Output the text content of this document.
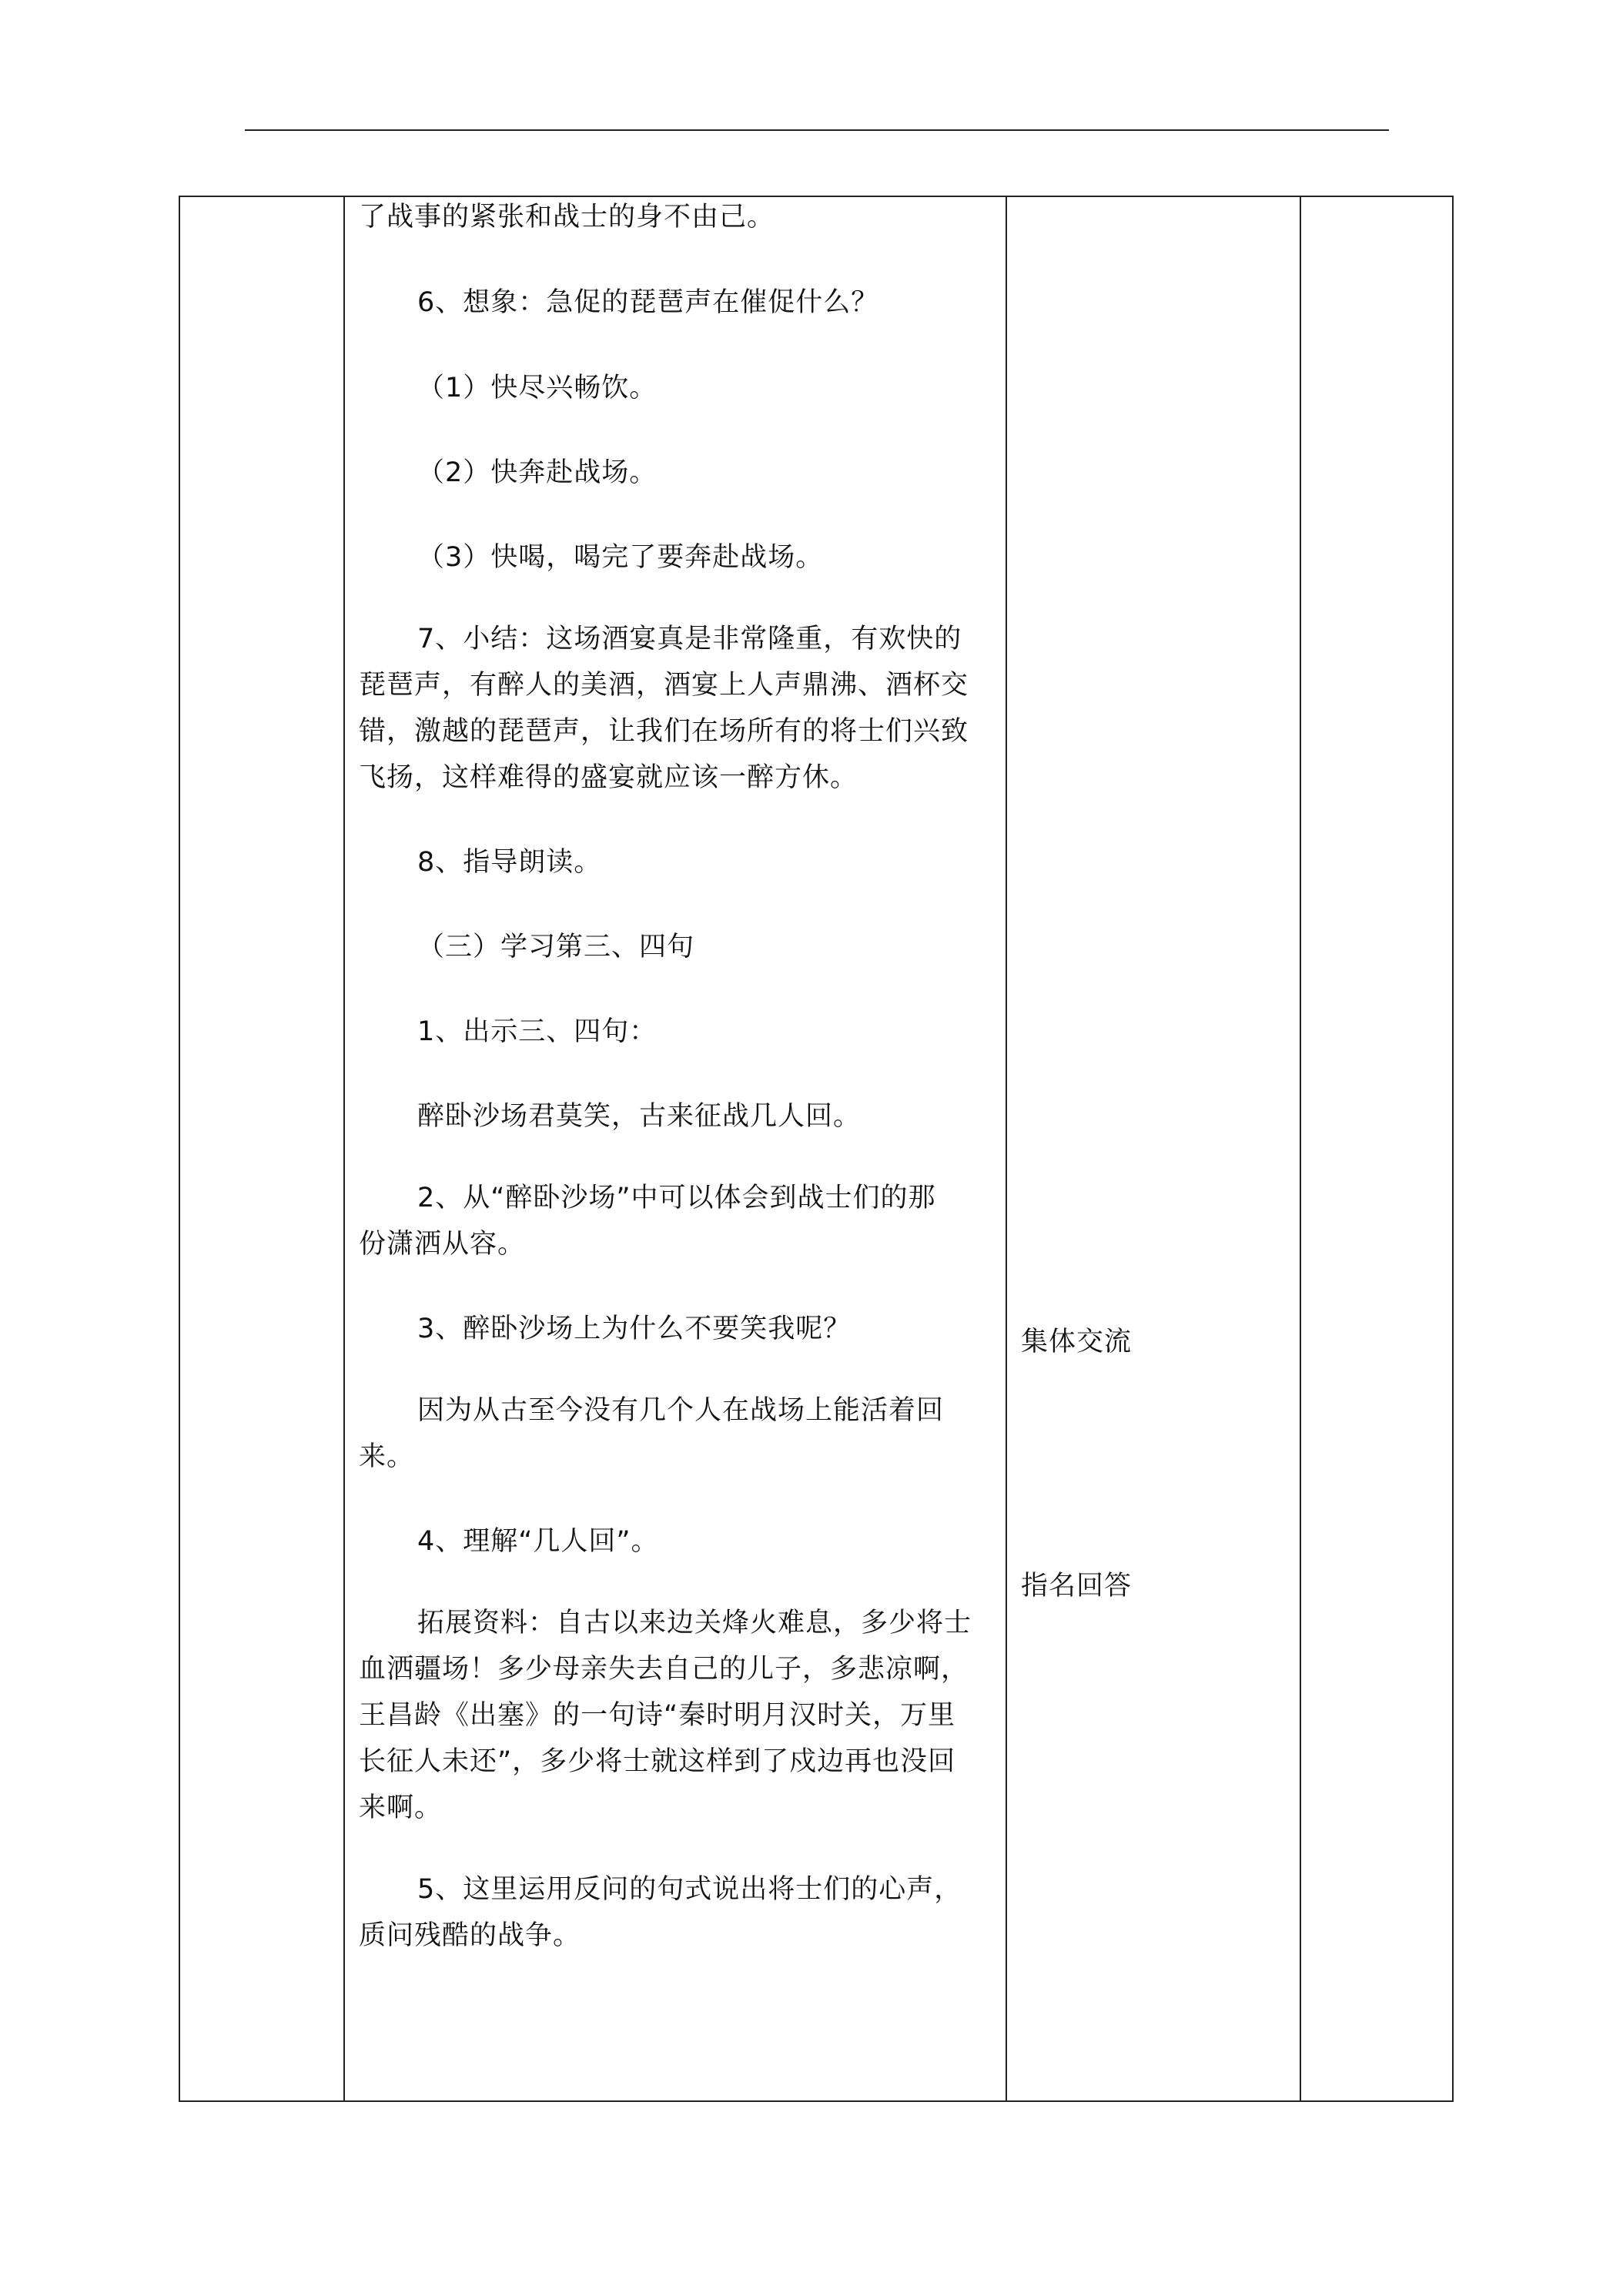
了战事的紧张和战士的身不由己。
6、想象：急促的琵琶声在催促什么？
（1）快尽兴畅饮。
（2）快奔赴战场。
（3）快喝，喝完了要奔赴战场。
7、小结：这场酒宴真是非常隆重，有欢快的
琵琶声，有醉人的美酒，酒宴上人声鼎沸、酒杯交
错，激越的琵琶声，让我们在场所有的将士们兴致
飞扬，这样难得的盛宴就应该一醉方休。
8、指导朗读。
（三）学习第三、四句
1、出示三、四句：
醉卧沙场君莫笑，古来征战几人回。
2、从“醉卧沙场”中可以体会到战士们的那
份潇洒从容。
3、醉卧沙场上为什么不要笑我呢？
因为从古至今没有几个人在战场上能活着回
来。
4、理解“几人回”。
拓展资料：自古以来边关烽火难息，多少将士
血洒疆场！多少母亲失去自己的儿子，多悲凉啊，
王昌龄《出塞》的一句诗“秦时明月汉时关，万里
长征人未还”，多少将士就这样到了戍边再也没回
来啊。
5、这里运用反问的句式说出将士们的心声，
质问残酷的战争。
集体交流
指名回答
